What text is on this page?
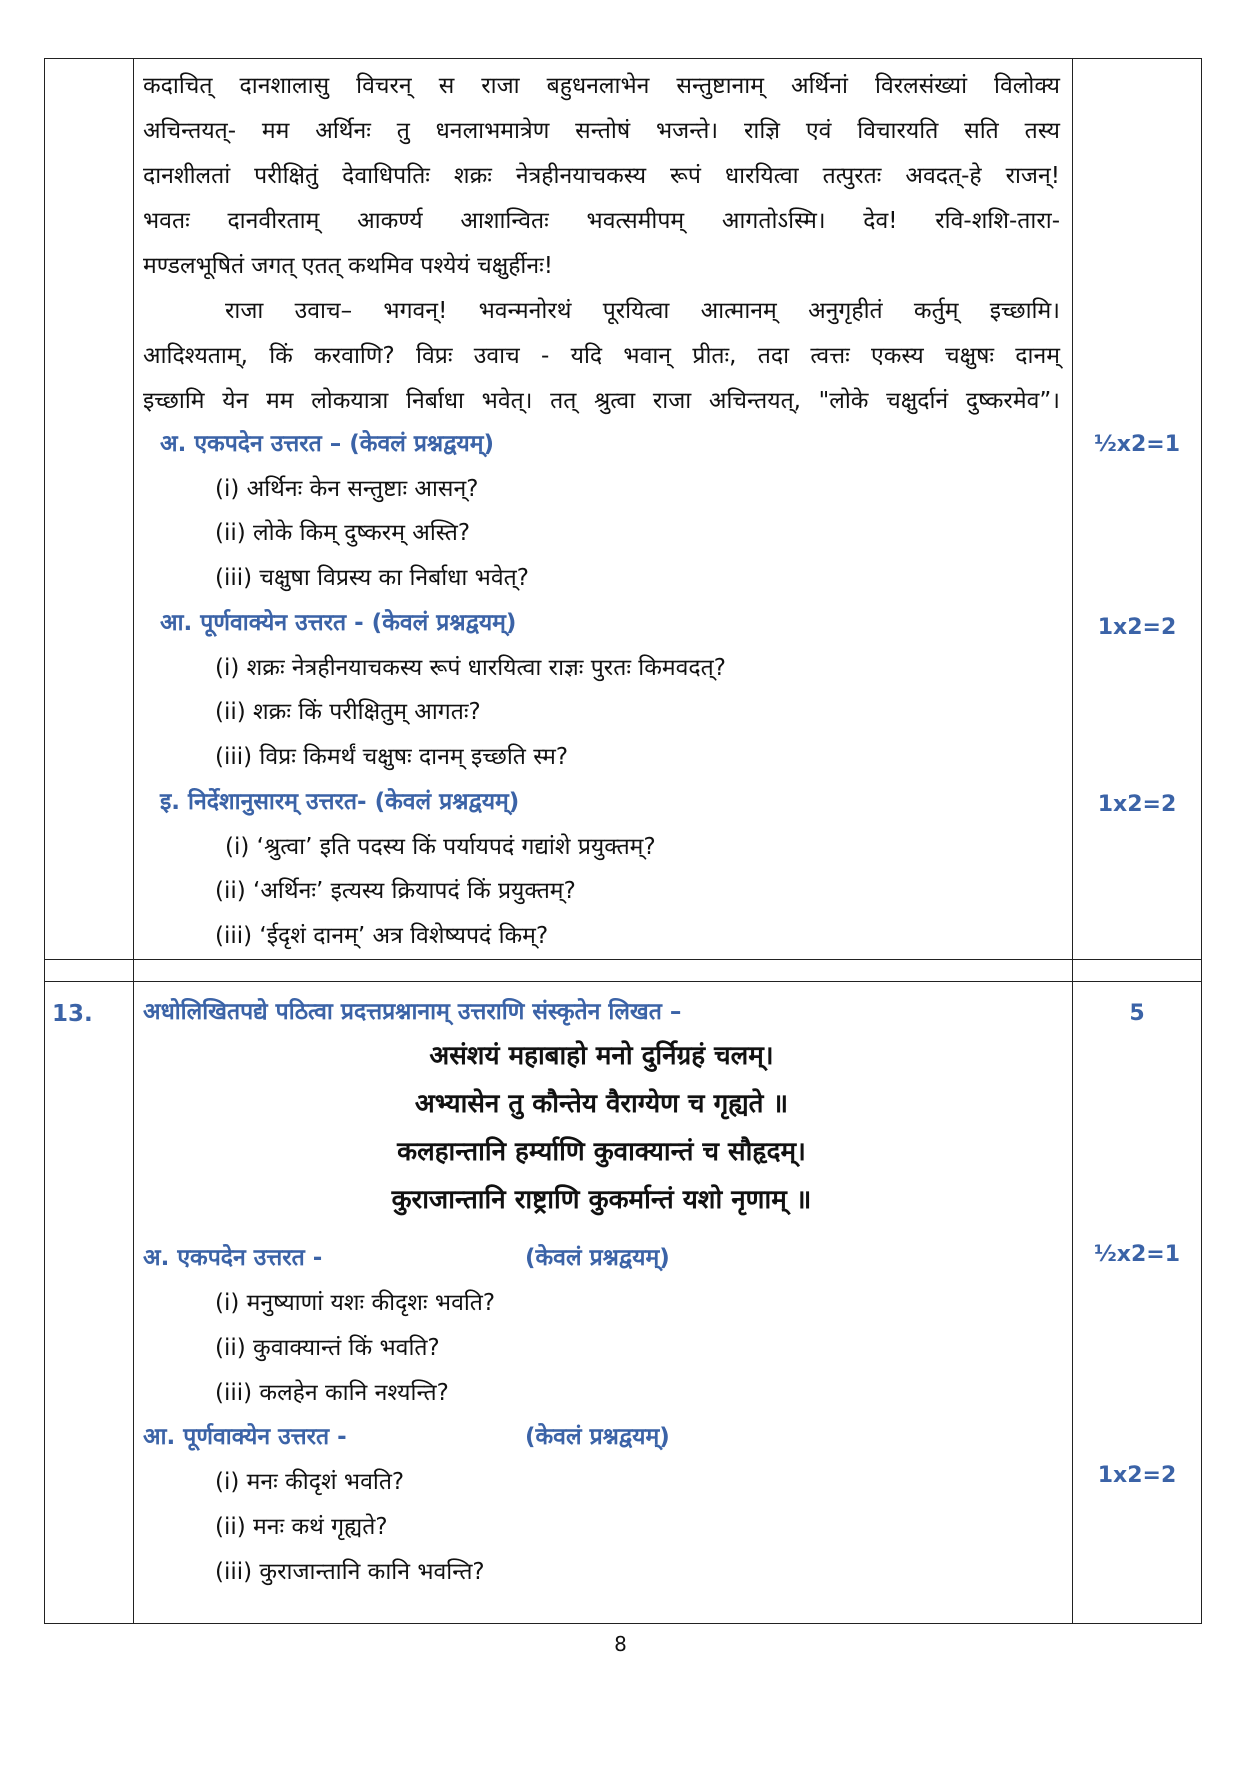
कदाचित् दानशालासु विचरन् स राजा बहुधनलाभेन सन्तुष्टानाम् अर्थिनां विरलसंख्यां विलोक्य
अचिन्तयत्- मम अर्थिनः तु धनलाभमात्रेण सन्तोषं भजन्ते। राज्ञि एवं विचारयति सति तस्य
दानशीलतां परीक्षितुं देवाधिपतिः शक्रः नेत्रहीनयाचकस्य रूपं धारयित्वा तत्पुरतः अवदत्-हे राजन्!
भवतः दानवीरताम् आकर्ण्य आशान्वितः भवत्समीपम् आगतोऽस्मि। देव! रवि-शशि-तारा-
मण्डलभूषितं जगत् एतत् कथमिव पश्येयं चक्षुर्हीनः!
राजा उवाच– भगवन्! भवन्मनोरथं पूरयित्वा आत्मानम् अनुगृहीतं कर्तुम् इच्छामि।
आदिश्यताम्, किं करवाणि? विप्रः उवाच - यदि भवान् प्रीतः, तदा त्वत्तः एकस्य चक्षुषः दानम्
इच्छामि येन मम लोकयात्रा निर्बाधा भवेत्। तत् श्रुत्वा राजा अचिन्तयत्, "लोके चक्षुर्दानं दुष्करमेव”।
अ. एकपदेन उत्तरत – (केवलं प्रश्नद्वयम्)	½x2=1
(i) अर्थिनः केन सन्तुष्टाः आसन्?
(ii) लोके किम् दुष्करम् अस्ति?
(iii) चक्षुषा विप्रस्य का निर्बाधा भवेत्?
आ. पूर्णवाक्येन उत्तरत - (केवलं प्रश्नद्वयम्)	1x2=2
(i) शक्रः नेत्रहीनयाचकस्य रूपं धारयित्वा राज्ञः पुरतः किमवदत्?
(ii) शक्रः किं परीक्षितुम् आगतः?
(iii) विप्रः किमर्थं चक्षुषः दानम् इच्छति स्म?
इ. निर्देशानुसारम् उत्तरत- (केवलं प्रश्नद्वयम्)	1x2=2
(i) ‘श्रुत्वा’ इति पदस्य किं पर्यायपदं गद्यांशे प्रयुक्तम्?
(ii) ‘अर्थिनः’ इत्यस्य क्रियापदं किं प्रयुक्तम्?
(iii) ‘ईदृशं दानम्’ अत्र विशेष्यपदं किम्?
13. अधोलिखितपद्ये पठित्वा प्रदत्तप्रश्नानाम् उत्तराणि संस्कृतेन लिखत –	5
असंशयं महाबाहो मनो दुर्निग्रहं चलम्।
अभ्यासेन तु कौन्तेय वैराग्येण च गृह्यते ॥
कलहान्तानि हर्म्याणि कुवाक्यान्तं च सौहृदम्।
कुराजान्तानि राष्ट्राणि कुकर्मान्तं यशो नृणाम् ॥
अ. एकपदेन उत्तरत -	(केवलं प्रश्नद्वयम्)	½x2=1
(i) मनुष्याणां यशः कीदृशः भवति?
(ii) कुवाक्यान्तं किं भवति?
(iii) कलहेन कानि नश्यन्ति?
आ. पूर्णवाक्येन उत्तरत -	(केवलं प्रश्नद्वयम्)
1x2=2
(i) मनः कीदृशं भवति?
(ii) मनः कथं गृह्यते?
(iii) कुराजान्तानि कानि भवन्ति?
8
